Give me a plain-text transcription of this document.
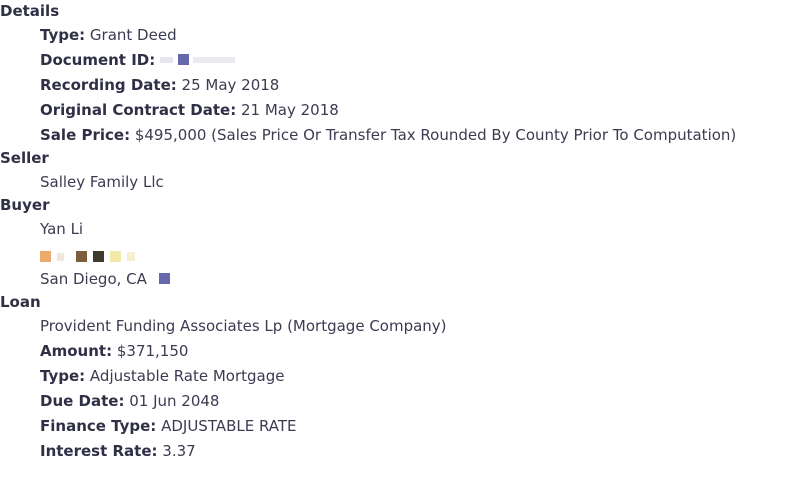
Details
Type: Grant Deed
Document ID:
Recording Date: 25 May 2018
Original Contract Date: 21 May 2018
Sale Price: $495,000 (Sales Price Or Transfer Tax Rounded By County Prior To Computation)
Seller
Salley Family Llc
Buyer
Yan Li
San Diego, CA
Loan
Provident Funding Associates Lp (Mortgage Company)
Amount: $371,150
Type: Adjustable Rate Mortgage
Due Date: 01 Jun 2048
Finance Type: ADJUSTABLE RATE
Interest Rate: 3.37
